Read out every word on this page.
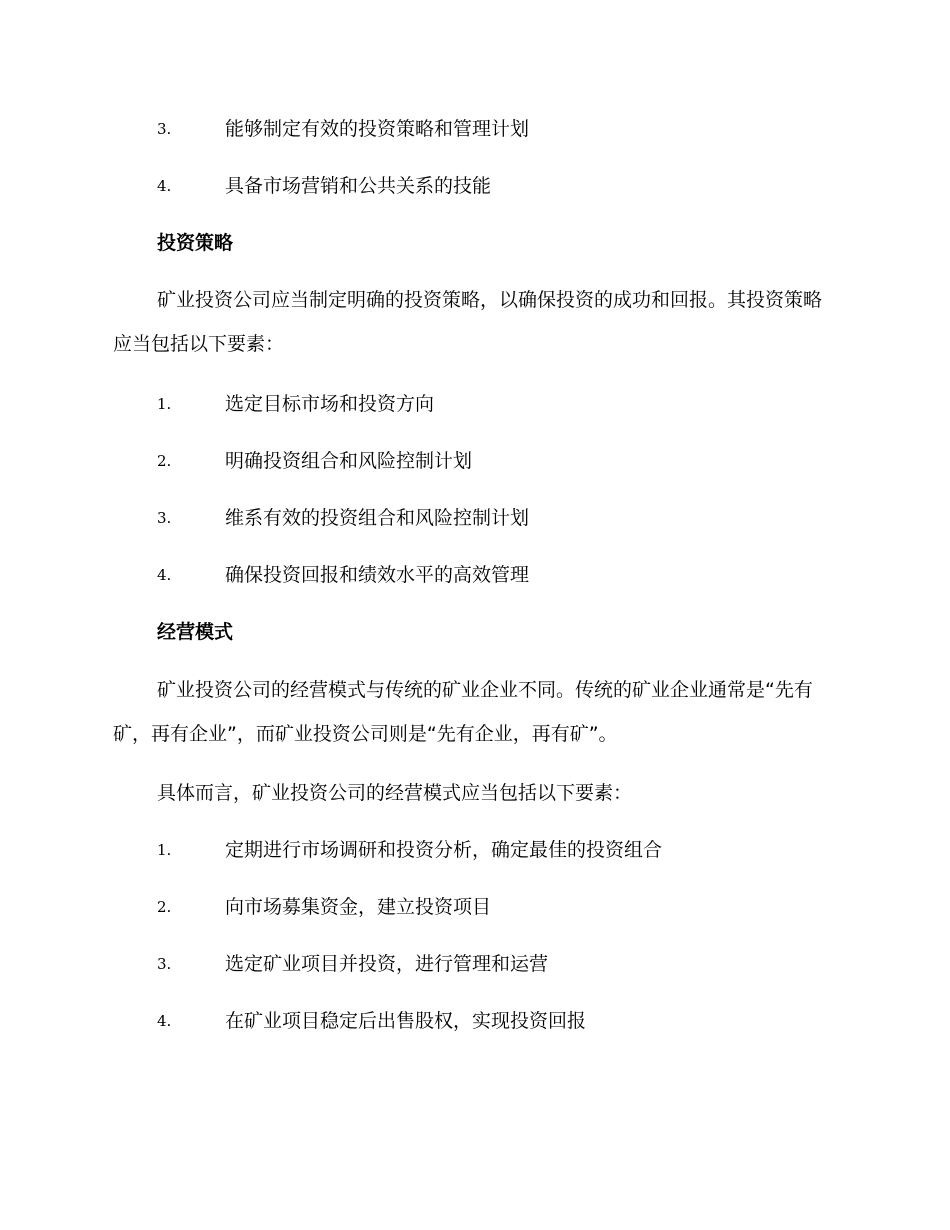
3.	能够制定有效的投资策略和管理计划
4.	具备市场营销和公共关系的技能
投资策略
矿业投资公司应当制定明确的投资策略，以确保投资的成功和回报。其投资策略应当包括以下要素：
1.	选定目标市场和投资方向
2.	明确投资组合和风险控制计划
3.	维系有效的投资组合和风险控制计划
4.	确保投资回报和绩效水平的高效管理
经营模式
矿业投资公司的经营模式与传统的矿业企业不同。传统的矿业企业通常是“先有矿，再有企业”，而矿业投资公司则是“先有企业，再有矿”。
具体而言，矿业投资公司的经营模式应当包括以下要素：
1.	定期进行市场调研和投资分析，确定最佳的投资组合
2.	向市场募集资金，建立投资项目
3.	选定矿业项目并投资，进行管理和运营
4.	在矿业项目稳定后出售股权，实现投资回报
